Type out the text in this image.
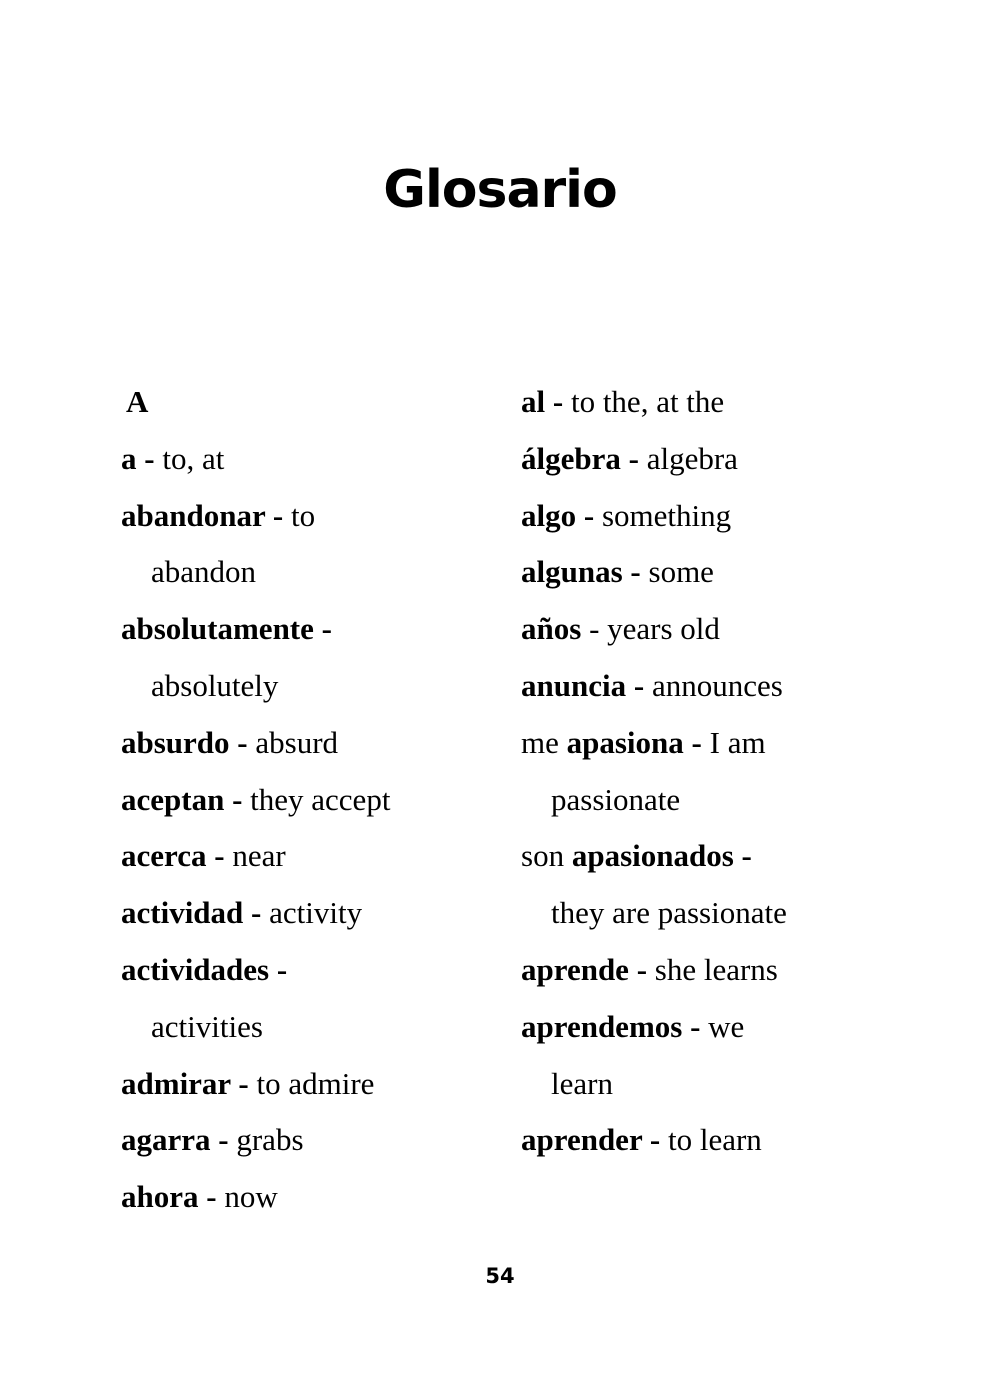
Glosario
A
a - to, at
abandonar - to
abandon
absolutamente -
absolutely
absurdo - absurd
aceptan - they accept
acerca - near
actividad - activity
actividades -
activities
admirar - to admire
agarra - grabs
ahora - now
al - to the, at the
álgebra - algebra
algo - something
algunas - some
años - years old
anuncia - announces
me apasiona - I am
passionate
son apasionados -
they are passionate
aprende - she learns
aprendemos - we
learn
aprender - to learn
54
